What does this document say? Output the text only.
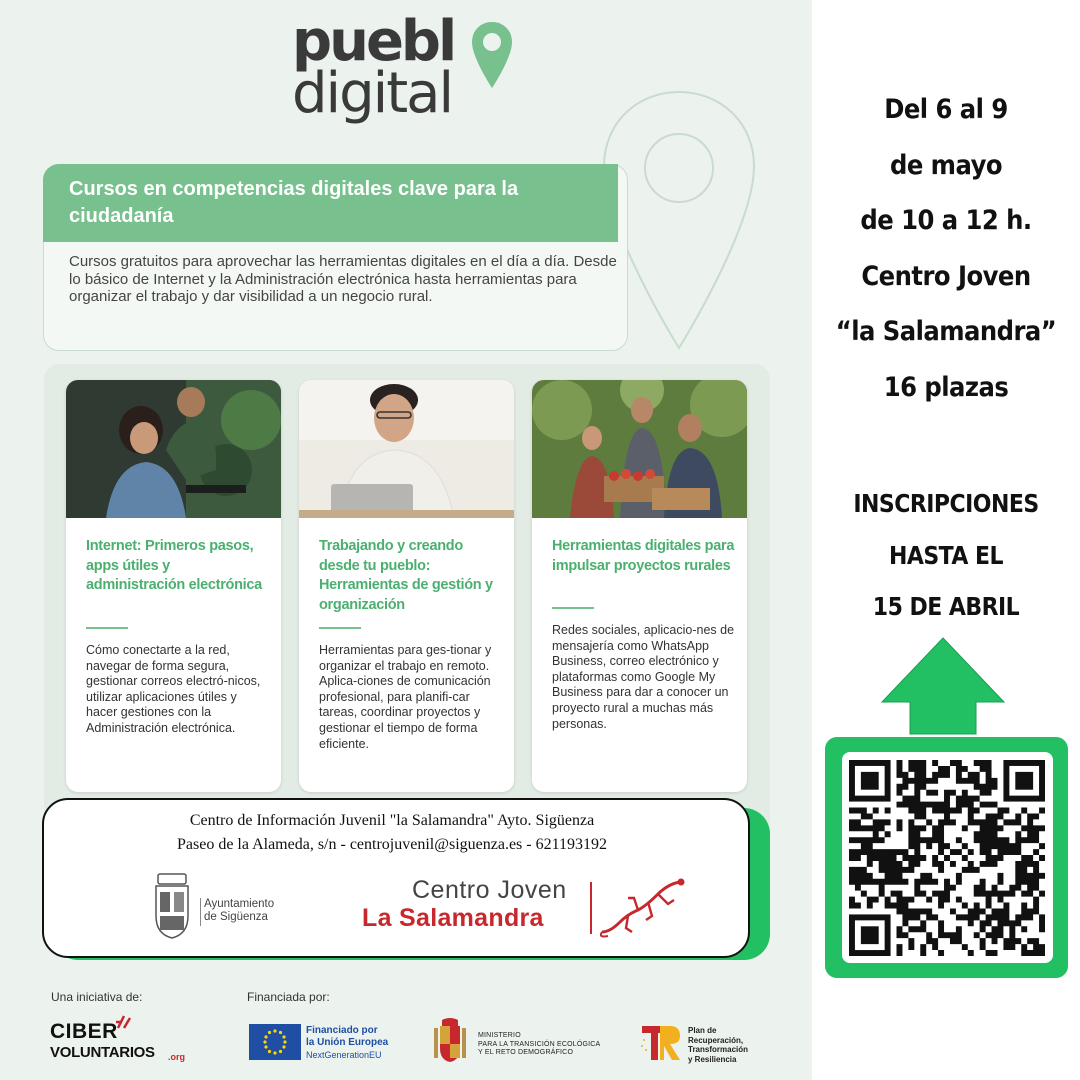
puebl
digital
Cursos en competencias digitales clave para la ciudadanía
Cursos gratuitos para aprovechar las herramientas digitales en el día a día. Desde lo básico de Internet y la Administración electrónica hasta herramientas para organizar el trabajo y dar visibilidad a un negocio rural.
Internet: Primeros pasos, apps útiles y administración electrónica
Cómo conectarte a la red, navegar de forma segura, gestionar correos electró-nicos, utilizar aplicaciones útiles y hacer gestiones con la Administración electrónica.
Trabajando y creando desde tu pueblo: Herramientas de gestión y organización
Herramientas para ges-tionar y organizar el trabajo en remoto. Aplica-ciones de comunicación profesional, para planifi-car tareas, coordinar proyectos y gestionar el tiempo de forma eficiente.
Herramientas digitales para impulsar proyectos rurales
Redes sociales, aplicacio-nes de mensajería como WhatsApp Business, correo electrónico y plataformas como Google My Business para dar a conocer un proyecto rural a muchas más personas.
Centro de Información Juvenil "la Salamandra" Ayto. Sigüenza
Paseo de la Alameda, s/n - centrojuvenil@siguenza.es - 621193192
Ayuntamiento
de Sigüenza
Centro Joven
La Salamandra
Una iniciativa de:	Financiada por:
CIBER
VOLUNTARIOS .org
Financiado por
la Unión Europea
NextGenerationEU
MINISTERIO
PARA LA TRANSICIÓN ECOLÓGICA
Y EL RETO DEMOGRÁFICO
Plan de
Recuperación,
Transformación
y Resiliencia
Del 6 al 9
de mayo
de 10 a 12 h.
Centro Joven
“la Salamandra”
16 plazas
INSCRIPCIONES
HASTA EL
15 DE ABRIL
